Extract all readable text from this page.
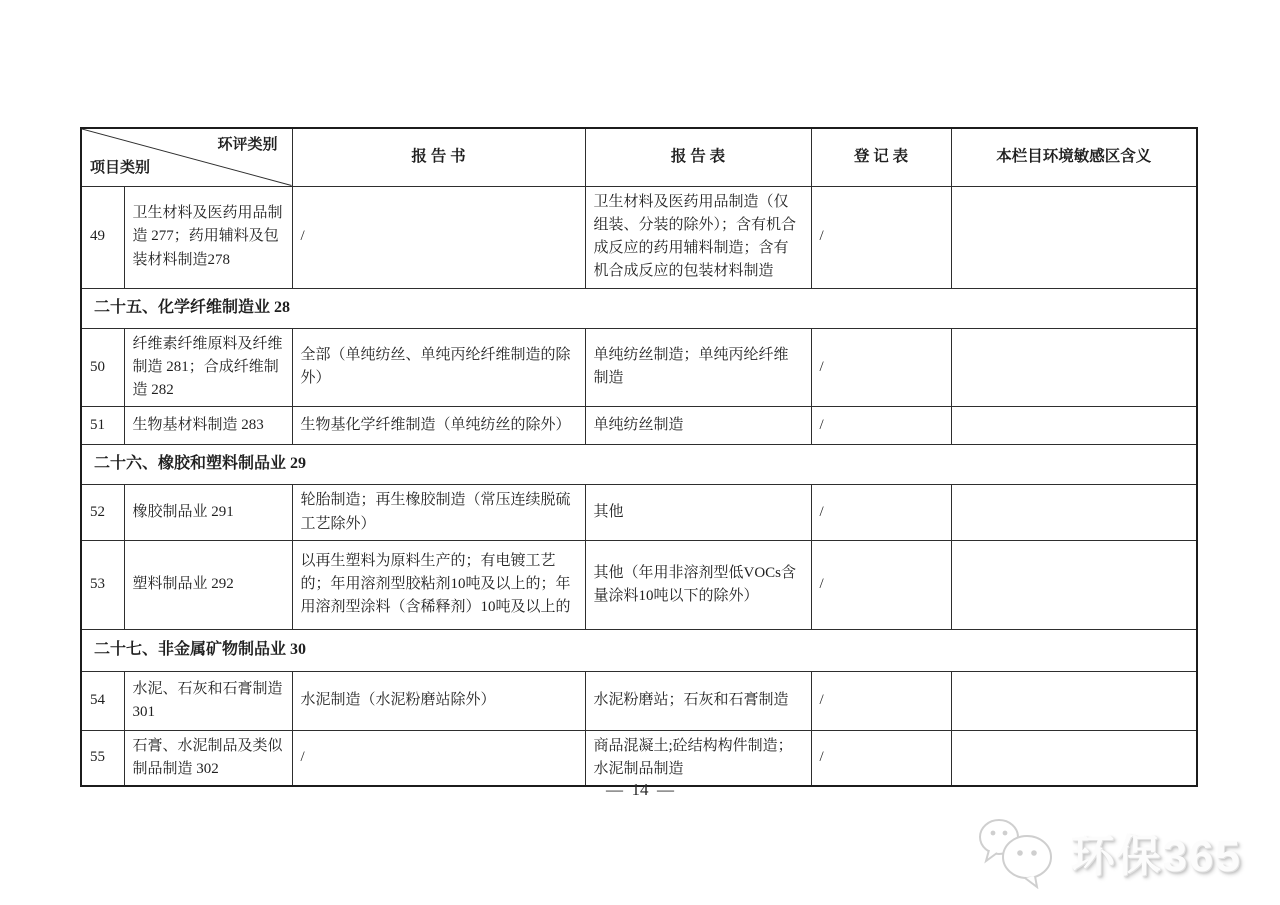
环评类别
项目类别		报 告 书	报 告 表	登 记 表	本栏目环境敏感区含义
49	卫生材料及医药用品制造 277；药用辅料及包装材料制造278	/	卫生材料及医药用品制造（仅组装、分装的除外）；含有机合成反应的药用辅料制造；含有机合成反应的包装材料制造	/	
二十五、化学纤维制造业 28					
50	纤维素纤维原料及纤维制造 281；合成纤维制造 282	全部（单纯纺丝、单纯丙纶纤维制造的除外）	单纯纺丝制造；单纯丙纶纤维制造	/	
51	生物基材料制造 283	生物基化学纤维制造（单纯纺丝的除外）	单纯纺丝制造	/	
二十六、橡胶和塑料制品业 29					
52	橡胶制品业 291	轮胎制造；再生橡胶制造（常压连续脱硫工艺除外）	其他	/	
53	塑料制品业 292	以再生塑料为原料生产的；有电镀工艺的；年用溶剂型胶粘剂10吨及以上的；年用溶剂型涂料（含稀释剂）10吨及以上的	其他（年用非溶剂型低VOCs含量涂料10吨以下的除外）	/	
二十七、非金属矿物制品业 30					
54	水泥、石灰和石膏制造 301	水泥制造（水泥粉磨站除外）	水泥粉磨站；石灰和石膏制造	/	
55	石膏、水泥制品及类似制品制造 302	/	商品混凝土;砼结构构件制造；水泥制品制造	/	
—  14  —
环保365
